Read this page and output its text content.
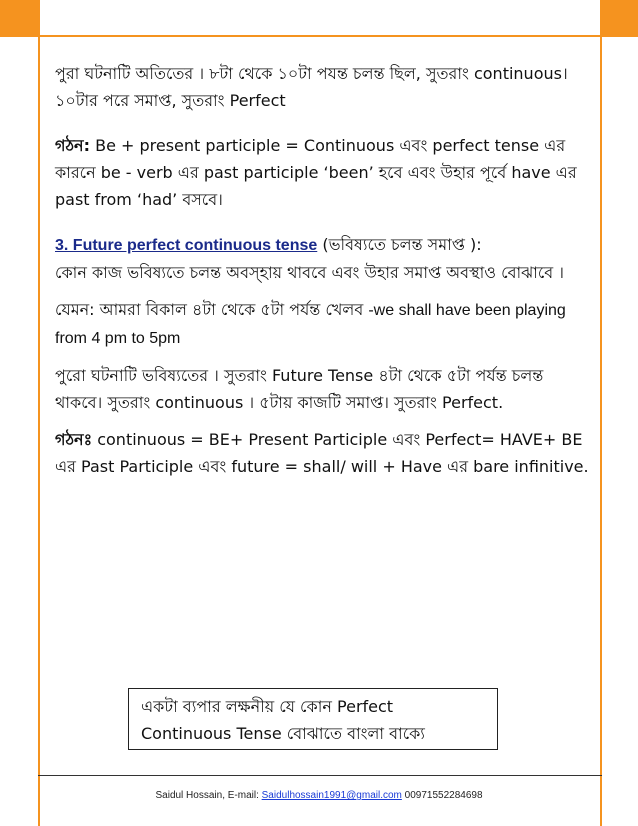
পুরা ঘটনাটি অতিতের । ৮টা থেকে ১০টা পযন্ত চলন্ত ছিল, সুতরাং continuous। ১০টার পরে সমাপ্ত, সুতরাং Perfect

গঠন: Be + present participle = Continuous এবং perfect tense এর কারনে be - verb এর past participle ‘been’ হবে এবং উহার পূর্বে have এর past from ‘had’ বসবে।

3. Future perfect continuous tense (ভবিষ্যতে চলন্ত সমাপ্ত ):

কোন কাজ ভবিষ্যতে চলন্ত অবস্হায় থাববে এবং উহার সমাপ্ত অবস্থাও বোঝাবে ।

যেমন: আমরা বিকাল ৪টা থেকে ৫টা পর্যন্ত খেলব -we shall have been playing from 4 pm to 5pm

পুরো ঘটনাটি ভবিষ্যতের । সুতরাং Future Tense ৪টা থেকে ৫টা পর্যন্ত চলন্ত থাকবে। সুতরাং continuous । ৫টায় কাজটি সমাপ্ত। সুতরাং Perfect.

গঠনঃ continuous = BE+ Present Participle এবং Perfect= HAVE+ BE এর Past Participle এবং future = shall/ will + Have এর bare infinitive.

একটা ব্যপার লক্ষনীয় যে কোন Perfect Continuous Tense বোঝাতে বাংলা বাক্যে
Saidul Hossain, E-mail: Saidulhossain1991@gmail.com 00971552284698
